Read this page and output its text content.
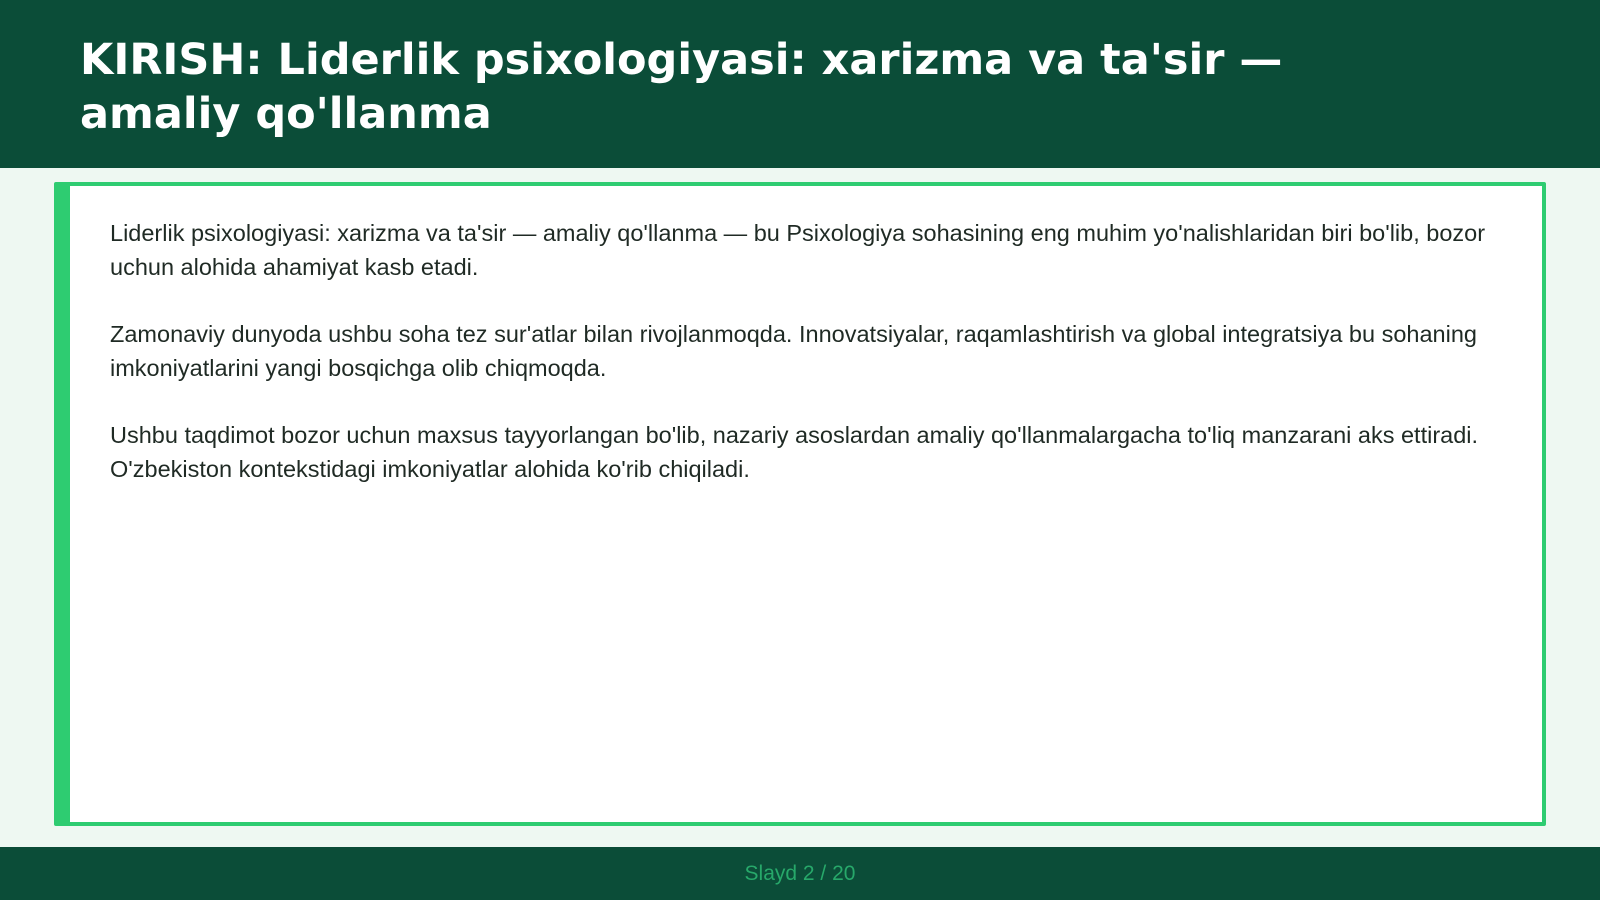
KIRISH: Liderlik psixologiyasi: xarizma va ta'sir — amaliy qo'llanma

Liderlik psixologiyasi: xarizma va ta'sir — amaliy qo'llanma — bu Psixologiya sohasining eng muhim yo'nalishlaridan biri bo'lib, bozor uchun alohida ahamiyat kasb etadi.

Zamonaviy dunyoda ushbu soha tez sur'atlar bilan rivojlanmoqda. Innovatsiyalar, raqamlashtirish va global integratsiya bu sohaning imkoniyatlarini yangi bosqichga olib chiqmoqda.

Ushbu taqdimot bozor uchun maxsus tayyorlangan bo'lib, nazariy asoslardan amaliy qo'llanmalargacha to'liq manzarani aks ettiradi. O'zbekiston kontekstidagi imkoniyatlar alohida ko'rib chiqiladi.

Slayd 2 / 20
